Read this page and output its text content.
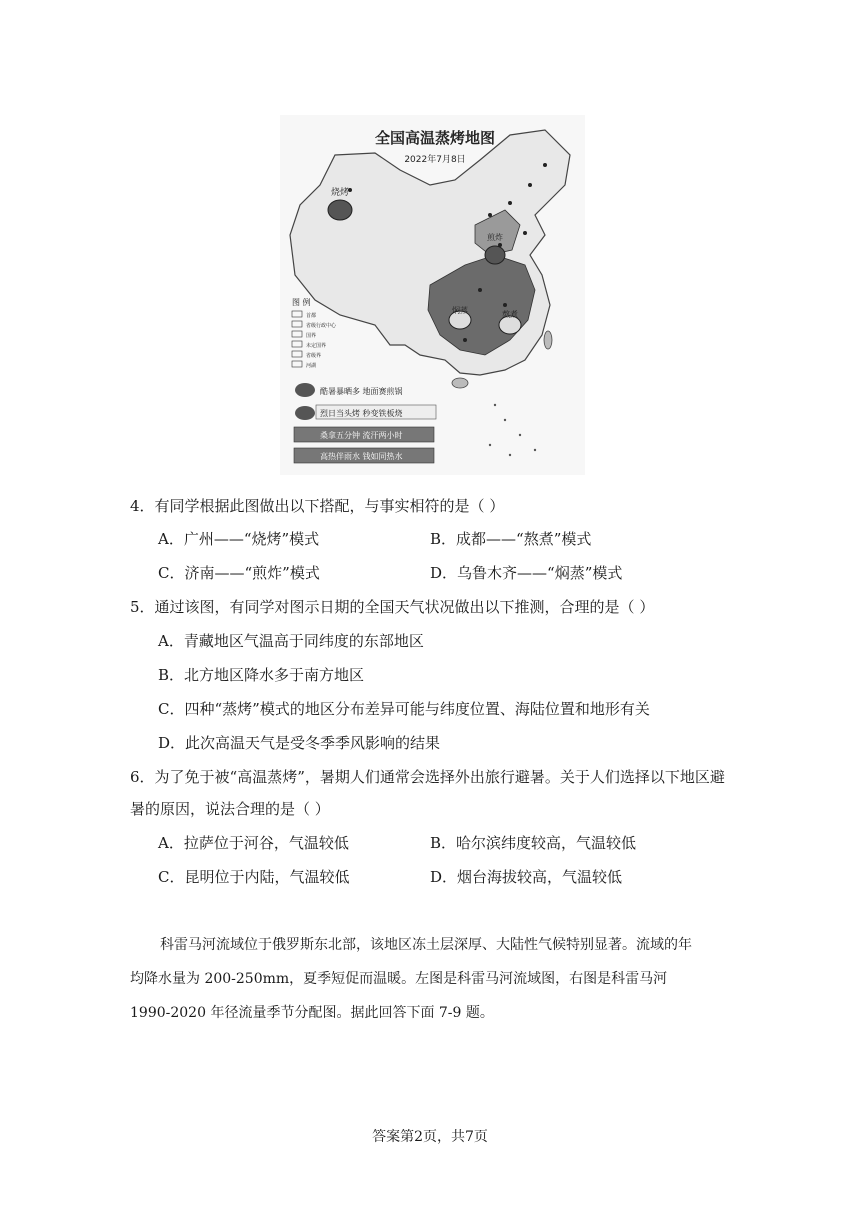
全国高温蒸烤地图
2022年7月8日
烧烤
煎炸
焖蒸	熬煮
图 例
首都
省级行政中心
国界
未定国界
省级界
河湖
酷暑暴晒多 地面赛煎锅
烈日当头烤 秒变铁板烧
桑拿五分钟 流汗两小时
高热伴雨水 钱如同热水
4．有同学根据此图做出以下搭配，与事实相符的是（ ）
A．广州——“烧烤”模式	B．成都——“熬煮”模式
C．济南——“煎炸”模式	D．乌鲁木齐——“焖蒸”模式
5．通过该图，有同学对图示日期的全国天气状况做出以下推测，合理的是（ ）
A．青藏地区气温高于同纬度的东部地区
B．北方地区降水多于南方地区
C．四种“蒸烤”模式的地区分布差异可能与纬度位置、海陆位置和地形有关
D．此次高温天气是受冬季季风影响的结果
6．为了免于被“高温蒸烤”，暑期人们通常会选择外出旅行避暑。关于人们选择以下地区避
暑的原因，说法合理的是（ ）
A．拉萨位于河谷，气温较低	B．哈尔滨纬度较高，气温较低
C．昆明位于内陆，气温较低	D．烟台海拔较高，气温较低
科雷马河流域位于俄罗斯东北部，该地区冻土层深厚、大陆性气候特别显著。流域的年
均降水量为 200-250mm，夏季短促而温暖。左图是科雷马河流域图，右图是科雷马河
1990-2020 年径流量季节分配图。据此回答下面 7-9 题。
答案第2页，共7页
